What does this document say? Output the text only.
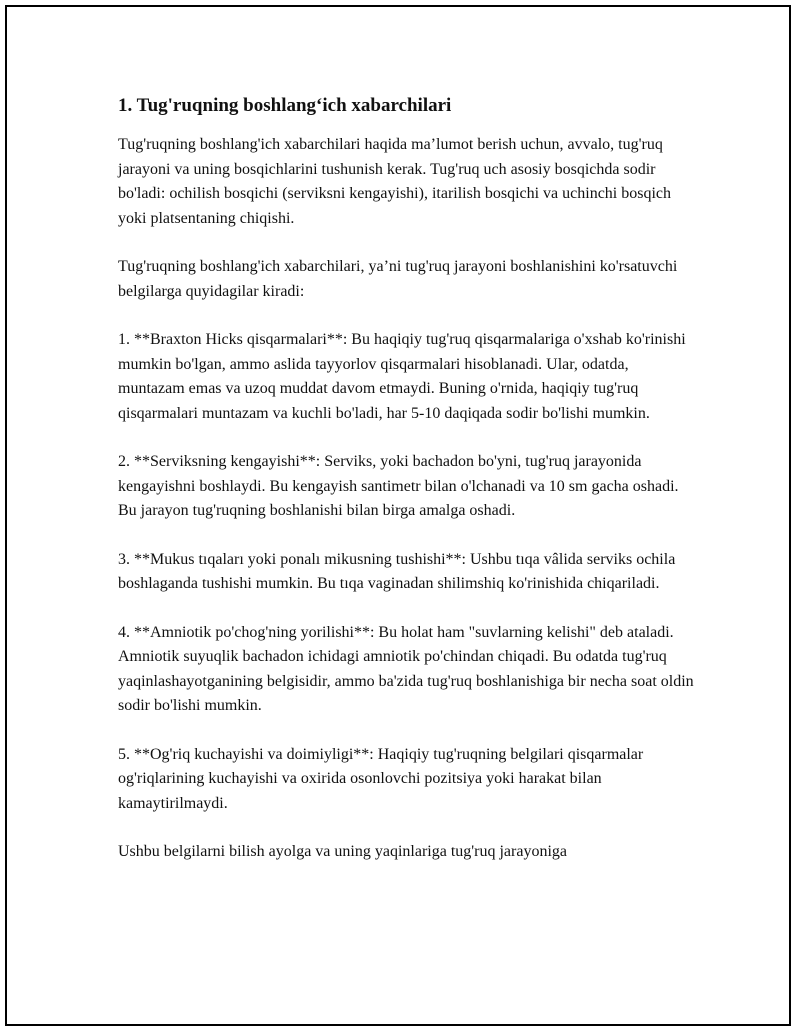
1. Tug'ruqning boshlang‘ich xabarchilari

Tug'ruqning boshlang'ich xabarchilari haqida ma’lumot berish uchun, avvalo, tug'ruq jarayoni va uning bosqichlarini tushunish kerak. Tug'ruq uch asosiy bosqichda sodir bo'ladi: ochilish bosqichi (serviksni kengayishi), itarilish bosqichi va uchinchi bosqich yoki platsentaning chiqishi.

Tug'ruqning boshlang'ich xabarchilari, ya’ni tug'ruq jarayoni boshlanishini ko'rsatuvchi belgilarga quyidagilar kiradi:

1. **Braxton Hicks qisqarmalari**: Bu haqiqiy tug'ruq qisqarmalariga o'xshab ko'rinishi mumkin bo'lgan, ammo aslida tayyorlov qisqarmalari hisoblanadi. Ular, odatda, muntazam emas va uzoq muddat davom etmaydi. Buning o'rnida, haqiqiy tug'ruq qisqarmalari muntazam va kuchli bo'ladi, har 5-10 daqiqada sodir bo'lishi mumkin.

2. **Serviksning kengayishi**: Serviks, yoki bachadon bo'yni, tug'ruq jarayonida kengayishni boshlaydi. Bu kengayish santimetr bilan o'lchanadi va 10 sm gacha oshadi. Bu jarayon tug'ruqning boshlanishi bilan birga amalga oshadi.

3. **Mukus tıqaları yoki ponalı mikusning tushishi**: Ushbu tıqa vâlida serviks ochila boshlaganda tushishi mumkin. Bu tıqa vaginadan shilimshiq ko'rinishida chiqariladi.

4. **Amniotik po'chog'ning yorilishi**: Bu holat ham "suvlarning kelishi" deb ataladi. Amniotik suyuqlik bachadon ichidagi amniotik po'chindan chiqadi. Bu odatda tug'ruq yaqinlashayotganining belgisidir, ammo ba'zida tug'ruq boshlanishiga bir necha soat oldin sodir bo'lishi mumkin.

5. **Og'riq kuchayishi va doimiyligi**: Haqiqiy tug'ruqning belgilari qisqarmalar og'riqlarining kuchayishi va oxirida osonlovchi pozitsiya yoki harakat bilan kamaytirilmaydi.

Ushbu belgilarni bilish ayolga va uning yaqinlariga tug'ruq jarayoniga
